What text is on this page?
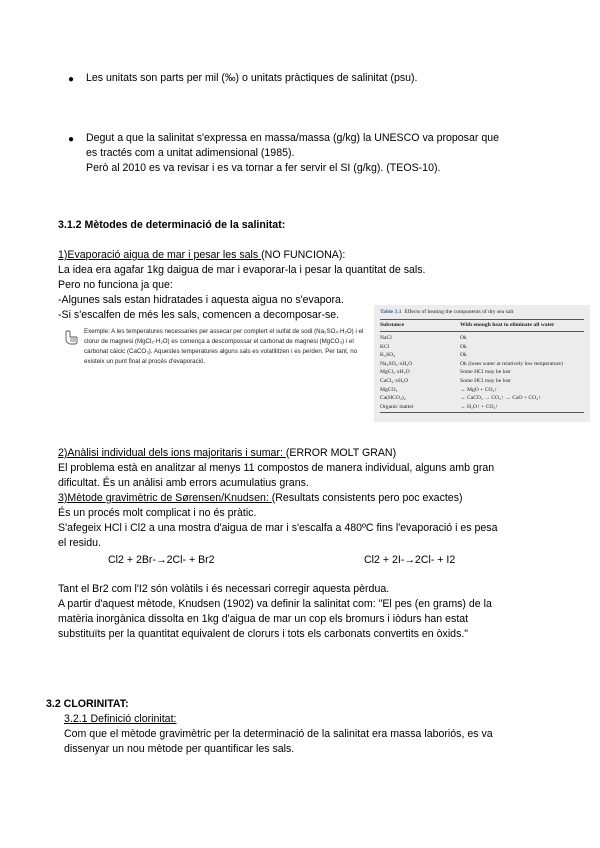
● Les unitats son parts per mil (‰) o unitats pràctiques de salinitat (psu).
● Degut a que la salinitat s'expressa en massa/massa (g/kg) la UNESCO va proposar que
es tractés com a unitat adimensional (1985).
Però al 2010 es va revisar i es va tornar a fer servir el SI (g/kg). (TEOS-10).
3.1.2 Mètodes de determinació de la salinitat:
1)Evaporació aigua de mar i pesar les sals (NO FUNCIONA):
La idea era agafar 1kg daigua de mar i evaporar-la i pesar la quantitat de sals.
Pero no funciona ja que:
-Algunes sals estan hidratades i aquesta aigua no s'evapora.
-Si s'escalfen de més les sals, comencen a decomposar-se.
Exemple: A les temperatures necessaries per assecar per complert el sulfat de sodi (Na₂SO₄·H₂O) i el clorur de magnesi (MgCl₂·H₂O) es comença a descompossar el carbonat de magnesi (MgCO₃) i el carbonat càlcic (CaCO₃). Aquestes temperatures alguns sals es volatilitzen i es perden. Per tant, no existeix un punt final al procés d'evaporació.
Table 3.1 Effects of heating the components of dry sea salt
Substance	With enough heat to eliminate all water
NaCl	Ok
KCl	Ok
K₂SO₄	Ok
Na₂SO₄·xH₂O	Ok (loses water at relatively low temperature)
MgCl₂·xH₂O	Some HCl may be lost
CaCl₂·xH₂O	Some HCl may be lost
MgCO₃	→ MgO + CO₂↑
Ca(HCO₃)₂	→ CaCO₃ → CO₂↑ → CaO + CO₂↑
Organic matter	→ H₂O↑ + CO₂↑
2)Anàlisi individual dels ions majoritaris i sumar: (ERROR MOLT GRAN)
El problema està en analitzar al menys 11 compostos de manera individual, alguns amb gran
dificultat. És un anàlisi amb errors acumulatius grans.
3)Mètode gravimètric de Sørensen/Knudsen: (Resultats consistents pero poc exactes)
És un procés molt complicat i no és pràtic.
S'afegeix HCl i Cl2 a una mostra d'aigua de mar i s'escalfa a 480ºC fins l'evaporació i es pesa
el residu.
Cl2 + 2Br-→2Cl- + Br2	Cl2 + 2I-→2Cl- + I2
Tant el Br2 com l'I2 són volàtils i és necessari corregir aquesta pèrdua.
A partir d'aquest mètode, Knudsen (1902) va definir la salinitat com: "El pes (en grams) de la
matèria inorgànica dissolta en 1kg d'aigua de mar un cop els bromurs i iòdurs han estat
substituïts per la quantitat equivalent de clorurs i tots els carbonats convertits en òxids."
3.2 CLORINITAT:
3.2.1 Definició clorinitat:
Com que el mètode gravimètric per la determinació de la salinitat era massa laboriós, es va
dissenyar un nou mètode per quantificar les sals.
